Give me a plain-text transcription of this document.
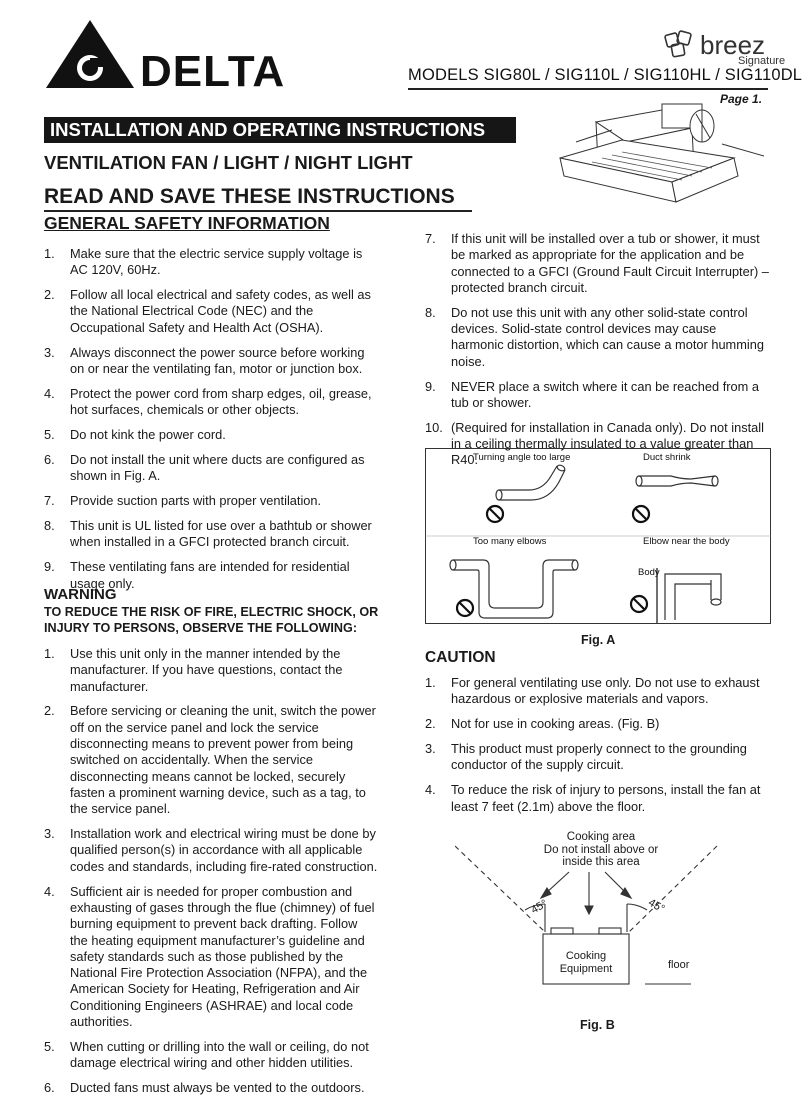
DELTA
breez
Signature
MODELS SIG80L / SIG110L / SIG110HL / SIG110DL
Page 1.
INSTALLATION AND OPERATING INSTRUCTIONS
VENTILATION FAN / LIGHT / NIGHT LIGHT
READ AND SAVE THESE INSTRUCTIONS
GENERAL SAFETY INFORMATION
1. Make sure that the electric service supply voltage is AC 120V, 60Hz.
2. Follow all local electrical and safety codes, as well as the National Electrical Code (NEC) and the Occupational Safety and Health Act (OSHA).
3. Always disconnect the power source before working on or near the ventilating fan, motor or junction box.
4. Protect the power cord from sharp edges, oil, grease, hot surfaces, chemicals or other objects.
5. Do not kink the power cord.
6. Do not install the unit where ducts are configured as shown in Fig. A.
7. Provide suction parts with proper ventilation.
8. This unit is UL listed for use over a bathtub or shower when installed in a GFCI protected branch circuit.
9. These ventilating fans are intended for residential usage only.
WARNING
TO REDUCE THE RISK OF FIRE, ELECTRIC SHOCK, OR INJURY TO PERSONS, OBSERVE THE FOLLOWING:
1. Use this unit only in the manner intended by the manufacturer. If you have questions, contact the manufacturer.
2. Before servicing or cleaning the unit, switch the power off on the service panel and lock the service disconnecting means to prevent power from being switched on accidentally. When the service disconnecting means cannot be locked, securely fasten a prominent warning device, such as a tag, to the service panel.
3. Installation work and electrical wiring must be done by qualified person(s) in accordance with all applicable codes and standards, including fire-rated construction.
4. Sufficient air is needed for proper combustion and exhausting of gases through the flue (chimney) of fuel burning equipment to prevent back drafting. Follow the heating equipment manufacturer’s guideline and safety standards such as those published by the National Fire Protection Association (NFPA), and the American Society for Heating, Refrigeration and Air Conditioning Engineers (ASHRAE) and local code authorities.
5. When cutting or drilling into the wall or ceiling, do not damage electrical wiring and other hidden utilities.
6. Ducted fans must always be vented to the outdoors.
7. If this unit will be installed over a tub or shower, it must be marked as appropriate for the application and be connected to a GFCI (Ground Fault Circuit Interrupter) – protected branch circuit.
8. Do not use this unit with any other solid-state control devices. Solid-state control devices may cause harmonic distortion, which can cause a motor humming noise.
9. NEVER place a switch where it can be reached from a tub or shower.
10. (Required for installation in Canada only). Do not install in a ceiling thermally insulated to a value greater than R40.
Turning angle too large	Duct shrink
Too many elbows	Elbow near the body
Body
Fig. A
CAUTION
1. For general ventilating use only. Do not use to exhaust hazardous or explosive materials and vapors.
2. Not for use in cooking areas. (Fig. B)
3. This product must properly connect to the grounding conductor of the supply circuit.
4. To reduce the risk of injury to persons, install the fan at least 7 feet (2.1m) above the floor.
Cooking area
Do not install above or
inside this area
45°	45°
Cooking
Equipment	floor
Fig. B
